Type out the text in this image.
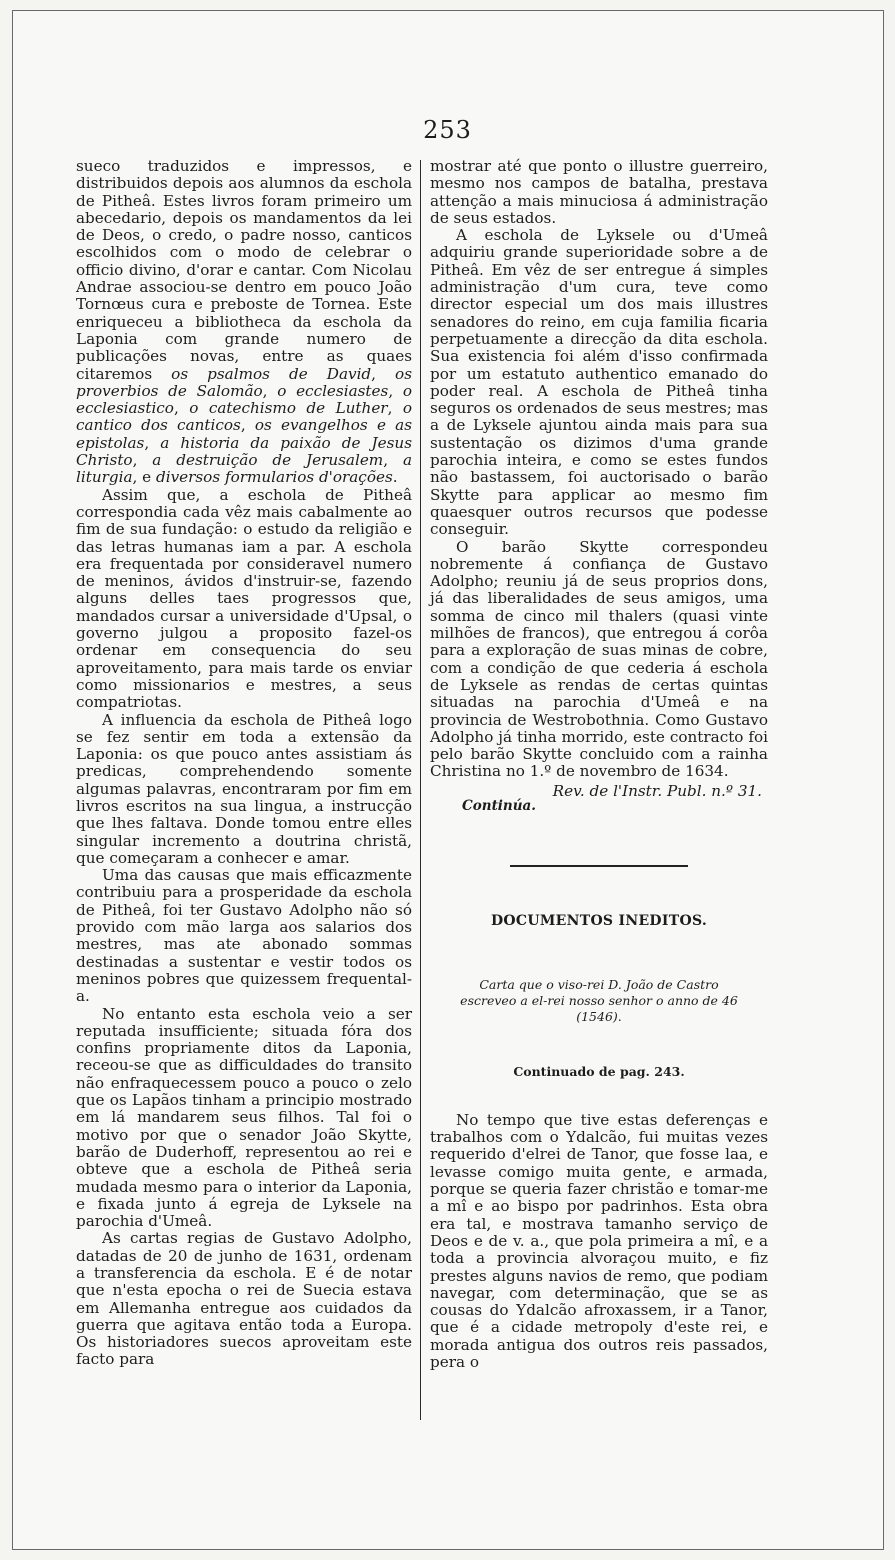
253

sueco traduzidos e impressos, e distribuidos depois aos alumnos da eschola de Pitheâ. Estes livros foram primeiro um abecedario, depois os mandamentos da lei de Deos, o credo, o padre nosso, canticos escolhidos com o modo de celebrar o officio divino, d'orar e cantar. Com Nicolau Andrae associou-se dentro em pouco João Tornœus cura e preboste de Tornea. Este enriqueceu a bibliotheca da eschola da Laponia com grande numero de publicações novas, entre as quaes citaremos os psalmos de David, os proverbios de Salomão, o ecclesiastes, o ecclesiastico, o catechismo de Luther, o cantico dos canticos, os evangelhos e as epistolas, a historia da paixão de Jesus Christo, a destruição de Jerusalem, a liturgia, e diversos formularios d'orações.

Assim que, a eschola de Pitheâ correspondia cada vêz mais cabalmente ao fim de sua fundação: o estudo da religião e das letras humanas iam a par. A eschola era frequentada por consideravel numero de meninos, ávidos d'instruir-se, fazendo alguns delles taes progressos que, mandados cursar a universidade d'Upsal, o governo julgou a proposito fazel-os ordenar em consequencia do seu aproveitamento, para mais tarde os enviar como missionarios e mestres, a seus compatriotas.

A influencia da eschola de Pitheâ logo se fez sentir em toda a extensão da Laponia: os que pouco antes assistiam ás predicas, comprehendendo somente algumas palavras, encontraram por fim em livros escritos na sua lingua, a instrucção que lhes faltava. Donde tomou entre elles singular incremento a doutrina christã, que começaram a conhecer e amar.

Uma das causas que mais efficazmente contribuiu para a prosperidade da eschola de Pitheâ, foi ter Gustavo Adolpho não só provido com mão larga aos salarios dos mestres, mas ate abonado sommas destinadas a sustentar e vestir todos os meninos pobres que quizessem frequental-a.

No entanto esta eschola veio a ser reputada insufficiente; situada fóra dos confins propriamente ditos da Laponia, receou-se que as difficuldades do transito não enfraquecessem pouco a pouco o zelo que os Lapãos tinham a principio mostrado em lá mandarem seus filhos. Tal foi o motivo por que o senador João Skytte, barão de Duderhoff, representou ao rei e obteve que a eschola de Pitheâ seria mudada mesmo para o interior da Laponia, e fixada junto á egreja de Lyksele na parochia d'Umeâ.

As cartas regias de Gustavo Adolpho, datadas de 20 de junho de 1631, ordenam a transferencia da eschola. E é de notar que n'esta epocha o rei de Suecia estava em Allemanha entregue aos cuidados da guerra que agitava então toda a Europa. Os historiadores suecos aproveitam este facto para

mostrar até que ponto o illustre guerreiro, mesmo nos campos de batalha, prestava attenção a mais minuciosa á administração de seus estados.

A eschola de Lyksele ou d'Umeâ adquiriu grande superioridade sobre a de Pitheâ. Em vêz de ser entregue á simples administração d'um cura, teve como director especial um dos mais illustres senadores do reino, em cuja familia ficaria perpetuamente a direcção da dita eschola. Sua existencia foi além d'isso confirmada por um estatuto authentico emanado do poder real. A eschola de Pitheâ tinha seguros os ordenados de seus mestres; mas a de Lyksele ajuntou ainda mais para sua sustentação os dizimos d'uma grande parochia inteira, e como se estes fundos não bastassem, foi auctorisado o barão Skytte para applicar ao mesmo fim quaesquer outros recursos que podesse conseguir.

O barão Skytte correspondeu nobremente á confiança de Gustavo Adolpho; reuniu já de seus proprios dons, já das liberalidades de seus amigos, uma somma de cinco mil thalers (quasi vinte milhões de francos), que entregou á corôa para a exploração de suas minas de cobre, com a condição de que cederia á eschola de Lyksele as rendas de certas quintas situadas na parochia d'Umeâ e na provincia de Westrobothnia. Como Gustavo Adolpho já tinha morrido, este contracto foi pelo barão Skytte concluido com a rainha Christina no 1.º de novembro de 1634.

Rev. de l'Instr. Publ. n.º 31.

Continúa.

DOCUMENTOS INEDITOS.

Carta que o viso-rei D. João de Castro escreveo a el-rei nosso senhor o anno de 46 (1546).

Continuado de pag. 243.

No tempo que tive estas deferenças e trabalhos com o Ydalcão, fui muitas vezes requerido d'elrei de Tanor, que fosse laa, e levasse comigo muita gente, e armada, porque se queria fazer christão e tomar-me a mî e ao bispo por padrinhos. Esta obra era tal, e mostrava tamanho serviço de Deos e de v. a., que pola primeira a mî, e a toda a provincia alvoraçou muito, e fiz prestes alguns navios de remo, que podiam navegar, com determinação, que se as cousas do Ydalcão afroxassem, ir a Tanor, que é a cidade metropoly d'este rei, e morada antigua dos outros reis passados, pera o
